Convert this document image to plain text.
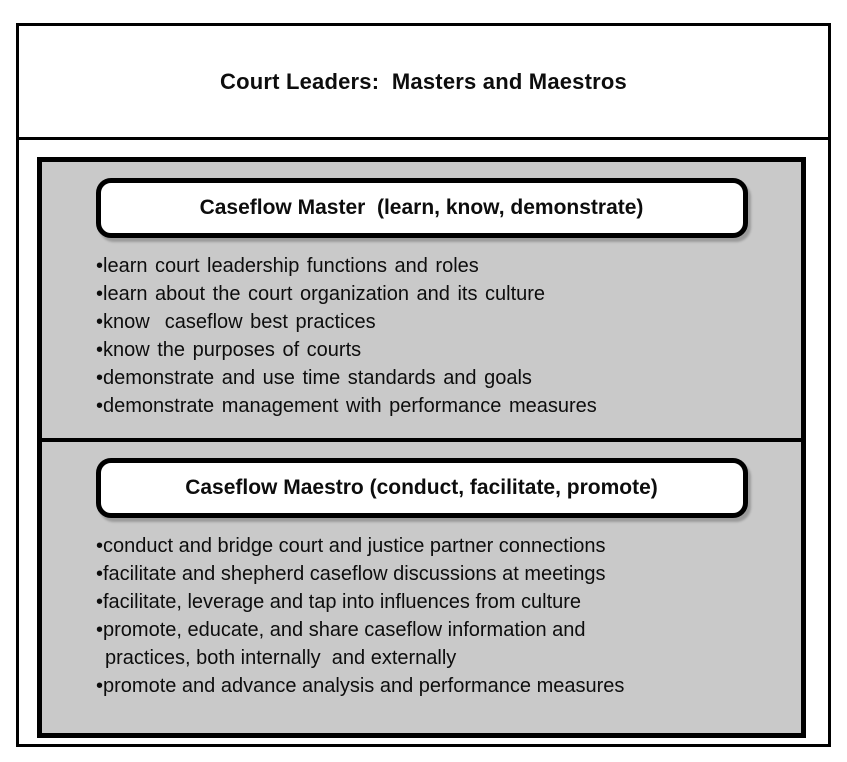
Court Leaders:  Masters and Maestros
Caseflow Master  (learn, know, demonstrate)
•learn court leadership functions and roles
•learn about the court organization and its culture
•know  caseflow best practices
•know the purposes of courts
•demonstrate and use time standards and goals
•demonstrate management with performance measures
Caseflow Maestro (conduct, facilitate, promote)
•conduct and bridge court and justice partner connections
•facilitate and shepherd caseflow discussions at meetings
•facilitate, leverage and tap into influences from culture
•promote, educate, and share caseflow information and
practices, both internally  and externally
•promote and advance analysis and performance measures
